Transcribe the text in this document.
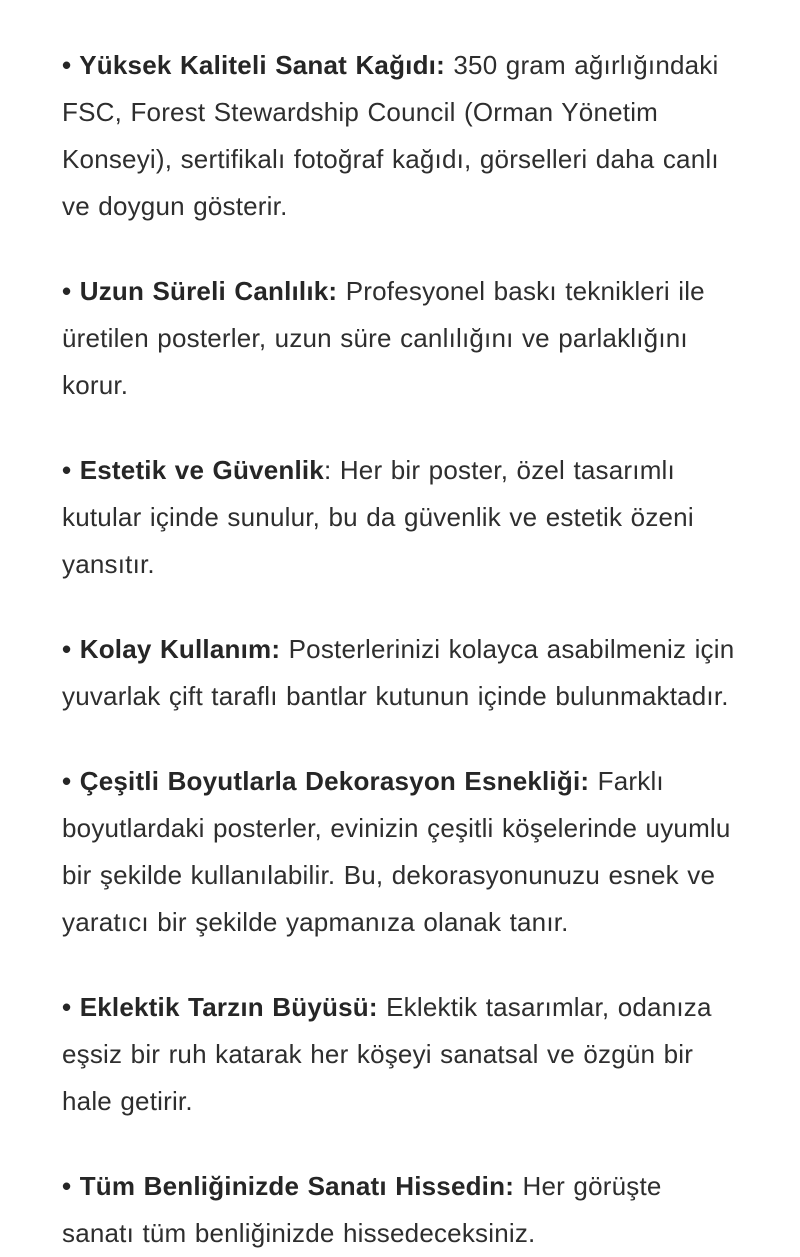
• Yüksek Kaliteli Sanat Kağıdı: 350 gram ağırlığındaki FSC, Forest Stewardship Council (Orman Yönetim Konseyi), sertifikalı fotoğraf kağıdı, görselleri daha canlı ve doygun gösterir.

• Uzun Süreli Canlılık: Profesyonel baskı teknikleri ile üretilen posterler, uzun süre canlılığını ve parlaklığını korur.

• Estetik ve Güvenlik: Her bir poster, özel tasarımlı kutular içinde sunulur, bu da güvenlik ve estetik özeni yansıtır.

• Kolay Kullanım: Posterlerinizi kolayca asabilmeniz için yuvarlak çift taraflı bantlar kutunun içinde bulunmaktadır.

• Çeşitli Boyutlarla Dekorasyon Esnekliği: Farklı boyutlardaki posterler, evinizin çeşitli köşelerinde uyumlu bir şekilde kullanılabilir. Bu, dekorasyonunuzu esnek ve yaratıcı bir şekilde yapmanıza olanak tanır.

• Eklektik Tarzın Büyüsü: Eklektik tasarımlar, odanıza eşsiz bir ruh katarak her köşeyi sanatsal ve özgün bir hale getirir.

• Tüm Benliğinizde Sanatı Hissedin: Her görüşte sanatı tüm benliğinizde hissedeceksiniz.
